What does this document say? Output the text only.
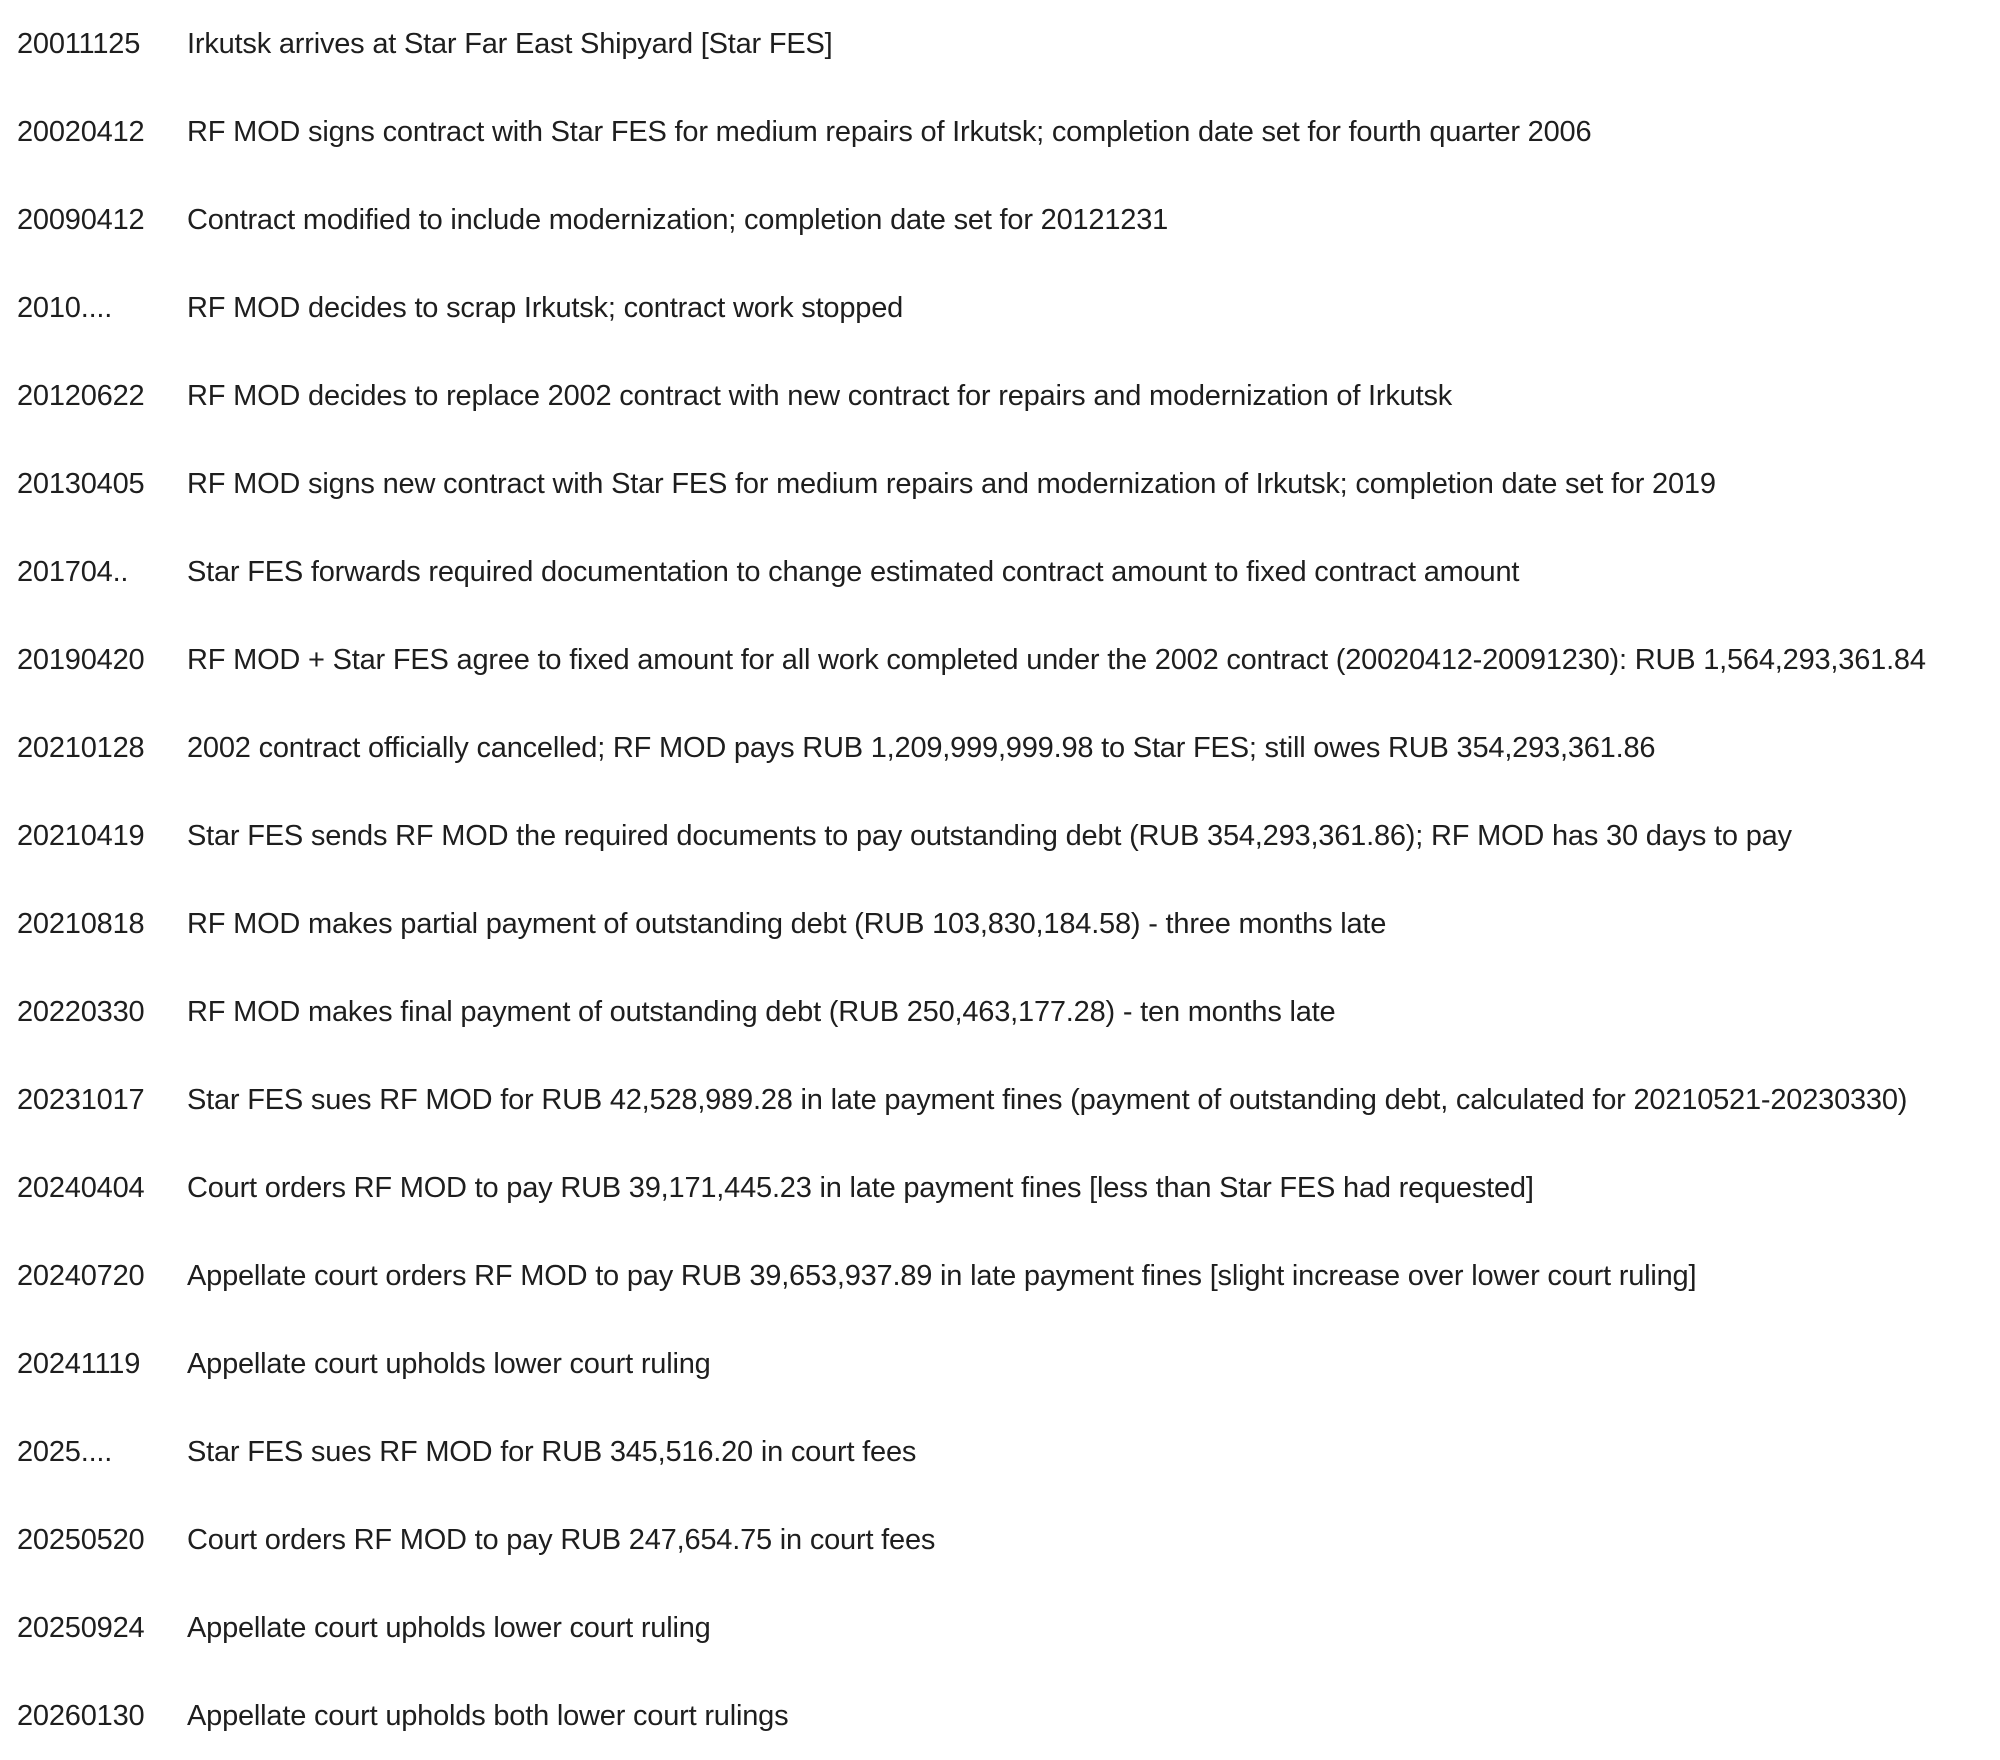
20011125	Irkutsk arrives at Star Far East Shipyard [Star FES]
20020412	RF MOD signs contract with Star FES for medium repairs of Irkutsk; completion date set for fourth quarter 2006
20090412	Contract modified to include modernization; completion date set for 20121231
2010....	RF MOD decides to scrap Irkutsk; contract work stopped
20120622	RF MOD decides to replace 2002 contract with new contract for repairs and modernization of Irkutsk
20130405	RF MOD signs new contract with Star FES for medium repairs and modernization of Irkutsk; completion date set for 2019
201704..	Star FES forwards required documentation to change estimated contract amount to fixed contract amount
20190420	RF MOD + Star FES agree to fixed amount for all work completed under the 2002 contract (20020412-20091230): RUB 1,564,293,361.84
20210128	2002 contract officially cancelled; RF MOD pays RUB 1,209,999,999.98 to Star FES; still owes RUB 354,293,361.86
20210419	Star FES sends RF MOD the required documents to pay outstanding debt (RUB 354,293,361.86); RF MOD has 30 days to pay
20210818	RF MOD makes partial payment of outstanding debt (RUB 103,830,184.58) - three months late
20220330	RF MOD makes final payment of outstanding debt (RUB 250,463,177.28) - ten months late
20231017	Star FES sues RF MOD for RUB 42,528,989.28 in late payment fines (payment of outstanding debt, calculated for 20210521-20230330)
20240404	Court orders RF MOD to pay RUB 39,171,445.23 in late payment fines [less than Star FES had requested]
20240720	Appellate court orders RF MOD to pay RUB 39,653,937.89 in late payment fines [slight increase over lower court ruling]
20241119	Appellate court upholds lower court ruling
2025....	Star FES sues RF MOD for RUB 345,516.20 in court fees
20250520	Court orders RF MOD to pay RUB 247,654.75 in court fees
20250924	Appellate court upholds lower court ruling
20260130	Appellate court upholds both lower court rulings
